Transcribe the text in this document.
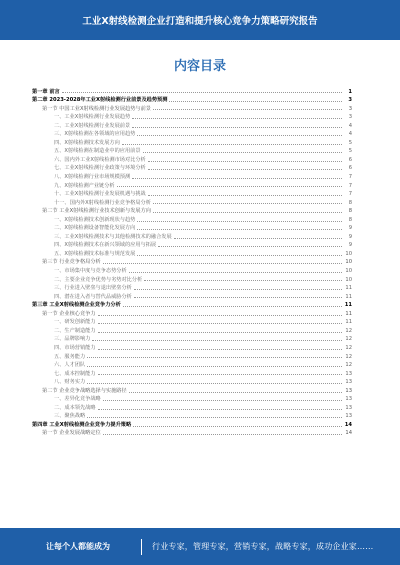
工业X射线检测企业打造和提升核心竞争力策略研究报告
内容目录
第一章 前言	1
第二章 2023-2028年工业X射线检测行业前景及趋势预测	3
第一节 中国工业X射线检测行业发展趋势与前景	3
一、工业X射线检测行业发展趋势	3
二、工业X射线检测行业发展前景	4
三、X射线检测在各领域的应用趋势	4
四、X射线检测技术发展方向	5
五、X射线检测在制造业中的应用前景	5
六、国内外工业X射线检测市场对比分析	6
七、工业X射线检测行业政策与环境分析	6
八、X射线检测行业市场规模预测	7
九、X射线检测产业链分析	7
十、工业X射线检测行业发展机遇与挑战	7
十一、国内外X射线检测行业竞争格局分析	8
第二节 工业X射线检测行业技术创新与发展方向	8
一、X射线检测技术创新现状与趋势	8
二、X射线检测设备智能化发展方向	9
三、工业X射线检测技术与其他检测技术的融合发展	9
四、X射线检测技术在新兴领域的应用与拓展	9
五、X射线检测技术标准与规范发展	10
第三节 行业竞争格局分析	10
一、市场集中度与竞争态势分析	10
二、主要企业竞争优势与劣势对比分析	10
三、行业进入壁垒与退出壁垒分析	11
四、潜在进入者与替代品威胁分析	11
第三章 工业X射线检测企业竞争力分析	11
第一节 企业核心竞争力	11
一、研发创新能力	11
二、生产制造能力	12
三、品牌影响力	12
四、市场营销能力	12
五、服务能力	12
六、人才团队	12
七、成本控制能力	13
八、财务实力	13
第二节 企业竞争战略选择与实施路径	13
一、差异化竞争战略	13
二、成本领先战略	13
三、聚焦战略	13
第四章 工业X射线检测企业竞争力提升策略	14
第一节 企业发展战略定位	14
让每个人都能成为	行业专家，管理专家，营销专家，战略专家，成功企业家……
